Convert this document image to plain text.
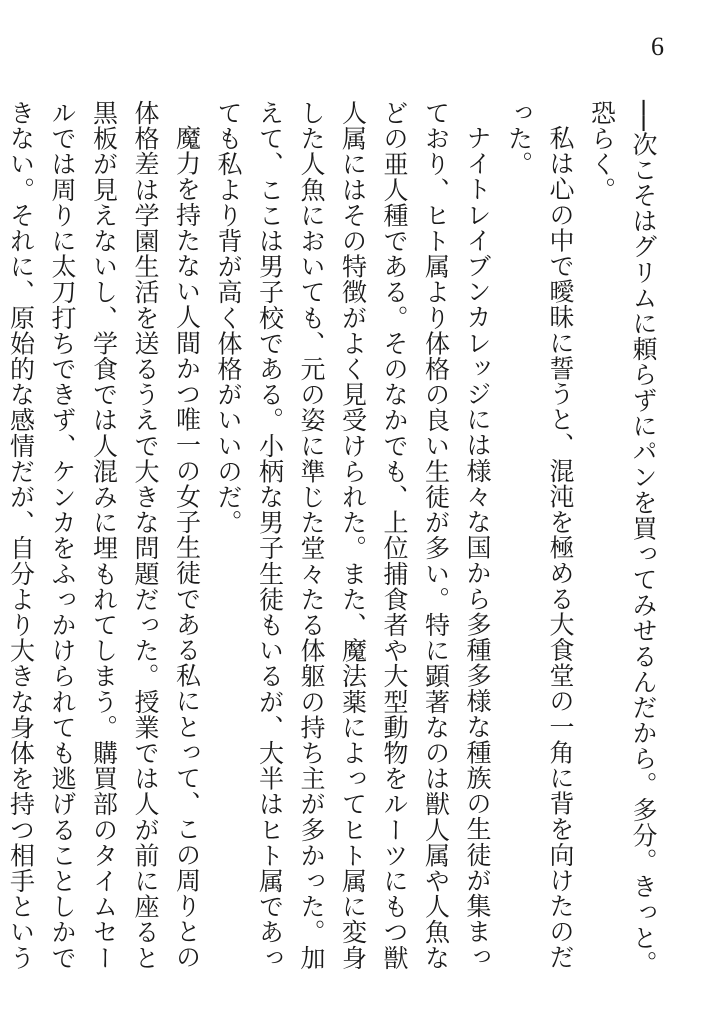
6

──次こそはグリムに頼らずにパンを買ってみせるんだから。多分。きっと。恐らく。

私は心の中で曖昧に誓うと、混沌を極める大食堂の一角に背を向けたのだった。

ナイトレイブンカレッジには様々な国から多種多様な種族の生徒が集まっており、ヒト属より体格の良い生徒が多い。特に顕著なのは獣人属や人魚などの亜人種である。そのなかでも、上位捕食者や大型動物をルーツにもつ獣人属にはその特徴がよく見受けられた。また、魔法薬によってヒト属に変身した人魚においても、元の姿に準じた堂々たる体躯の持ち主が多かった。加えて、ここは男子校である。小柄な男子生徒もいるが、大半はヒト属であっても私より背が高く体格がいいのだ。

魔力を持たない人間かつ唯一の女子生徒である私にとって、この周りとの体格差は学園生活を送るうえで大きな問題だった。授業では人が前に座ると黒板が見えないし、学食では人混みに埋もれてしまう。購買部のタイムセールでは周りに太刀打ちできず、ケンカをふっかけられても逃げることしかできない。それに、原始的な感情だが、自分より大きな身体を持つ相手という
